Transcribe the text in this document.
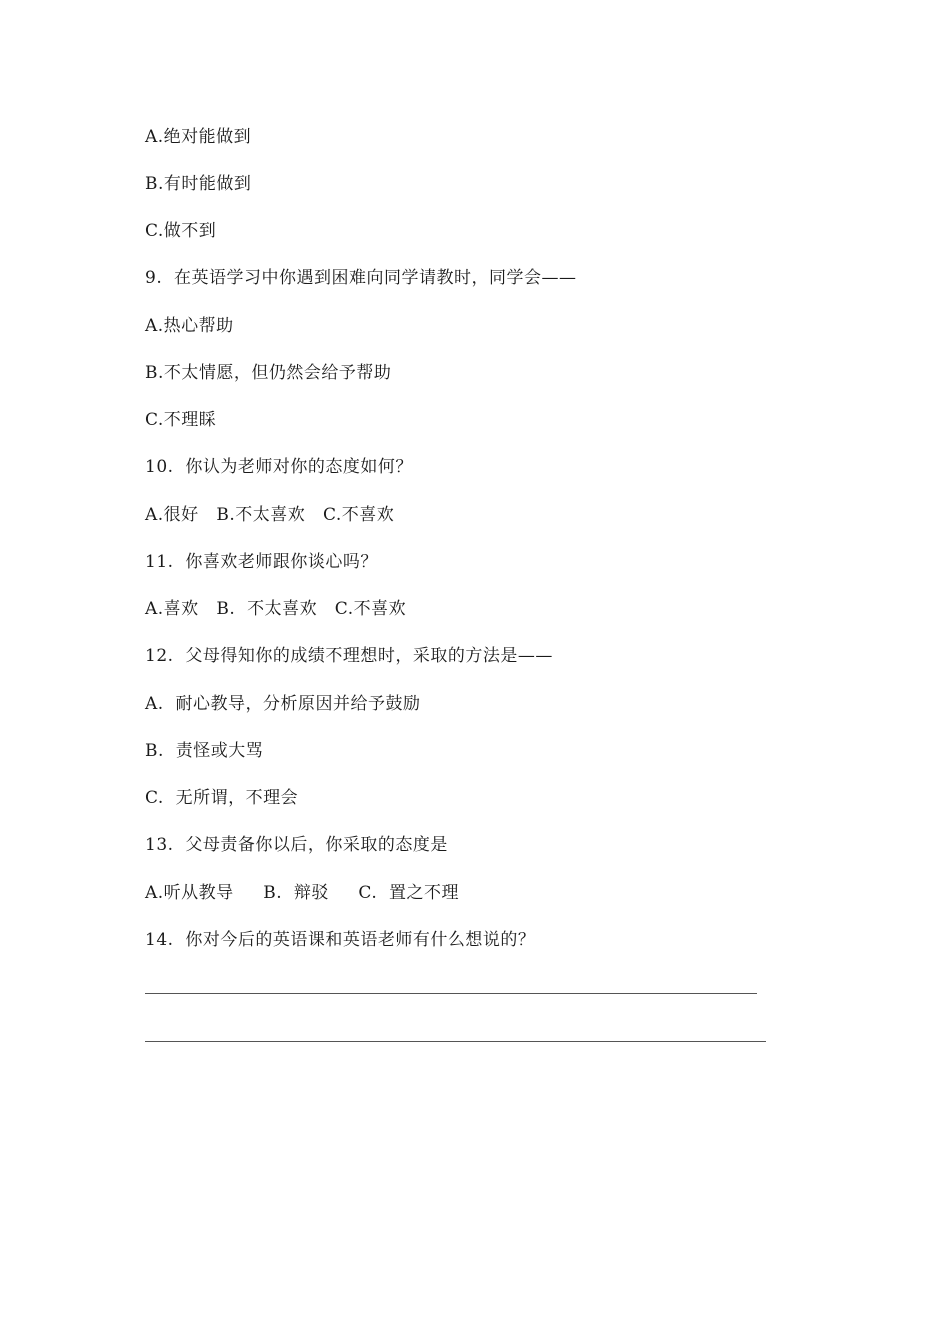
A.绝对能做到
B.有时能做到
C.做不到
9.  在英语学习中你遇到困难向同学请教时，同学会——
A.热心帮助
B.不太情愿，但仍然会给予帮助
C.不理睬
10.  你认为老师对你的态度如何？
A.很好   B.不太喜欢   C.不喜欢
11.  你喜欢老师跟你谈心吗？
A.喜欢   B.  不太喜欢   C.不喜欢
12.  父母得知你的成绩不理想时，采取的方法是——
A.  耐心教导，分析原因并给予鼓励
B.  责怪或大骂
C.  无所谓，不理会
13.  父母责备你以后，你采取的态度是
A.听从教导     B.  辩驳     C.  置之不理
14.  你对今后的英语课和英语老师有什么想说的？
